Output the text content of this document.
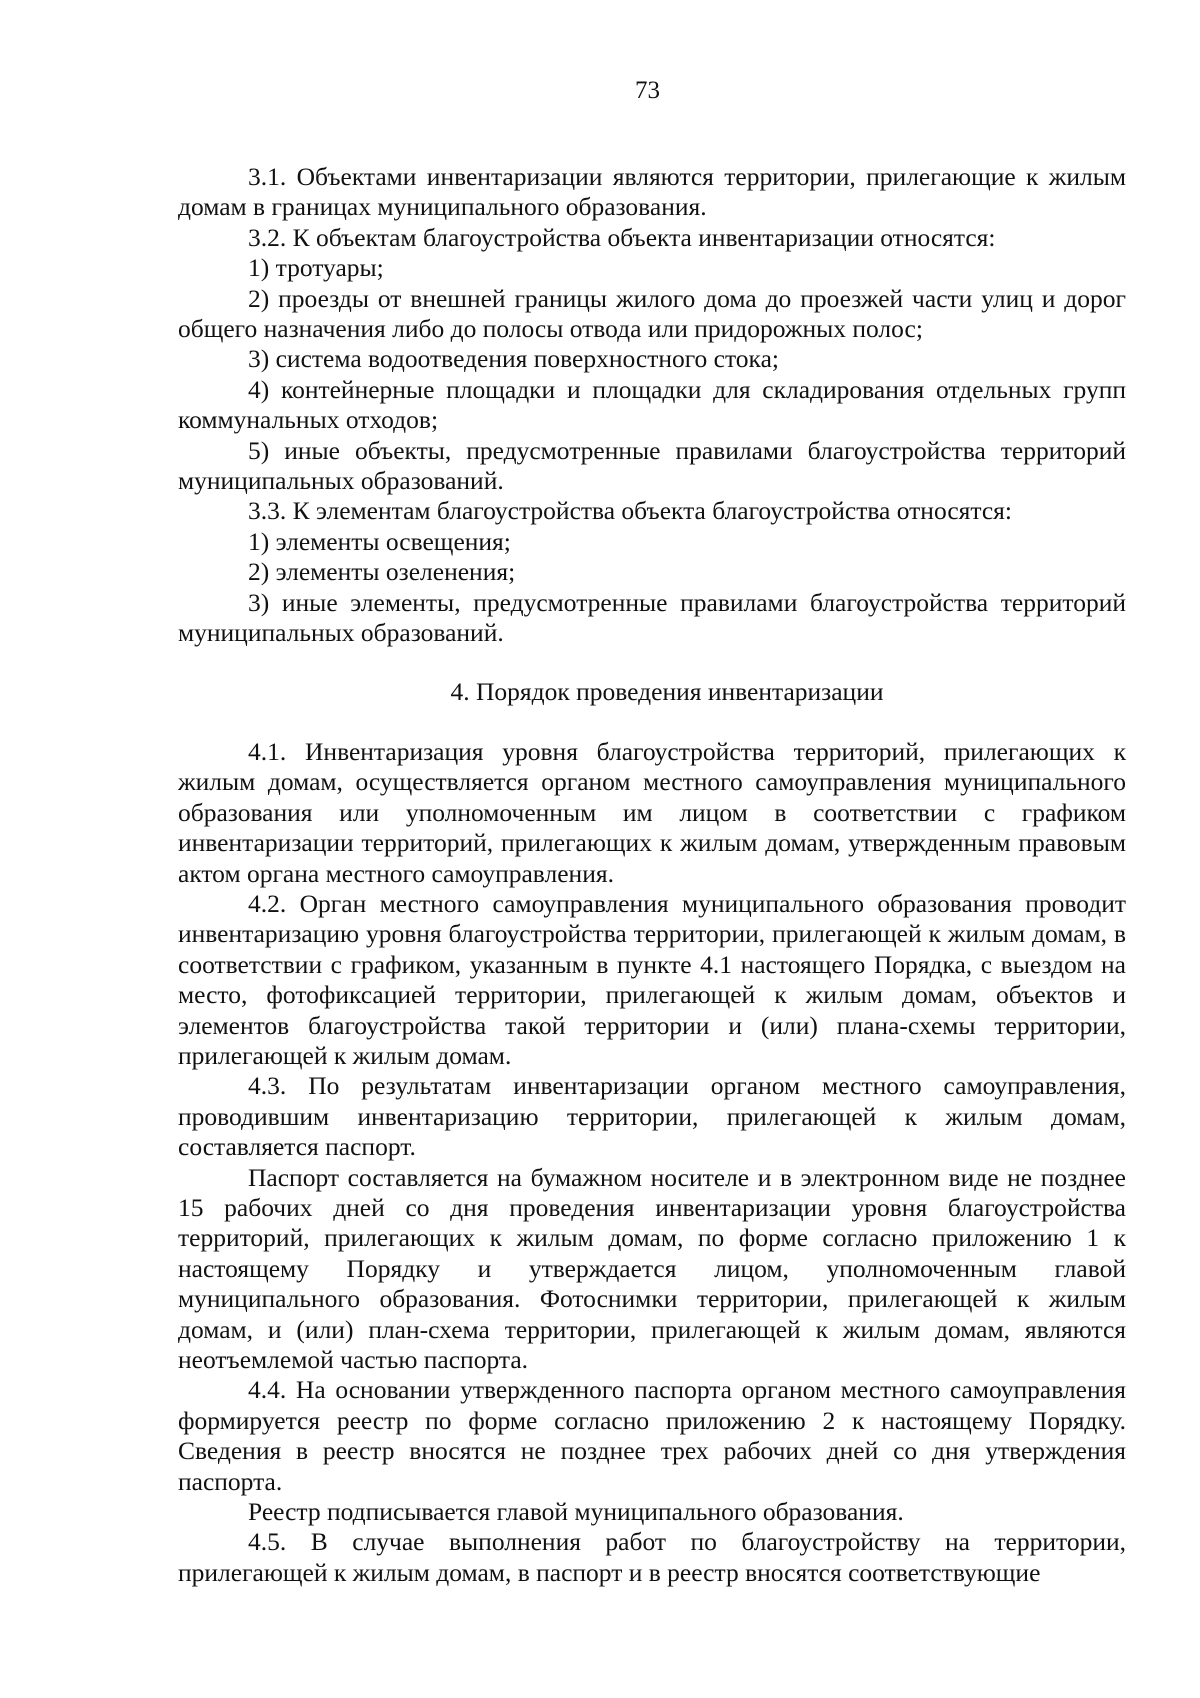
73

3.1. Объектами инвентаризации являются территории, прилегающие к жилым домам в границах муниципального образования.

3.2. К объектам благоустройства объекта инвентаризации относятся:

1) тротуары;

2) проезды от внешней границы жилого дома до проезжей части улиц и дорог общего назначения либо до полосы отвода или придорожных полос;

3) система водоотведения поверхностного стока;

4) контейнерные площадки и площадки для складирования отдельных групп коммунальных отходов;

5) иные объекты, предусмотренные правилами благоустройства территорий муниципальных образований.

3.3. К элементам благоустройства объекта благоустройства относятся:

1) элементы освещения;

2) элементы озеленения;

3) иные элементы, предусмотренные правилами благоустройства территорий муниципальных образований.

4. Порядок проведения инвентаризации

4.1. Инвентаризация уровня благоустройства территорий, прилегающих к жилым домам, осуществляется органом местного самоуправления муниципального образования или уполномоченным им лицом в соответствии с графиком инвентаризации территорий, прилегающих к жилым домам, утвержденным правовым актом органа местного самоуправления.

4.2. Орган местного самоуправления муниципального образования проводит инвентаризацию уровня благоустройства территории, прилегающей к жилым домам, в соответствии с графиком, указанным в пункте 4.1 настоящего Порядка, с выездом на место, фотофиксацией территории, прилегающей к жилым домам, объектов и элементов благоустройства такой территории и (или) плана-схемы территории, прилегающей к жилым домам.

4.3. По результатам инвентаризации органом местного самоуправления, проводившим инвентаризацию территории, прилегающей к жилым домам, составляется паспорт.

Паспорт составляется на бумажном носителе и в электронном виде не позднее 15 рабочих дней со дня проведения инвентаризации уровня благоустройства территорий, прилегающих к жилым домам, по форме согласно приложению 1 к настоящему Порядку и утверждается лицом, уполномоченным главой муниципального образования. Фотоснимки территории, прилегающей к жилым домам, и (или) план-схема территории, прилегающей к жилым домам, являются неотъемлемой частью паспорта.

4.4. На основании утвержденного паспорта органом местного самоуправления формируется реестр по форме согласно приложению 2 к настоящему Порядку. Сведения в реестр вносятся не позднее трех рабочих дней со дня утверждения паспорта.

Реестр подписывается главой муниципального образования.

4.5. В случае выполнения работ по благоустройству на территории, прилегающей к жилым домам, в паспорт и в реестр вносятся соответствующие
